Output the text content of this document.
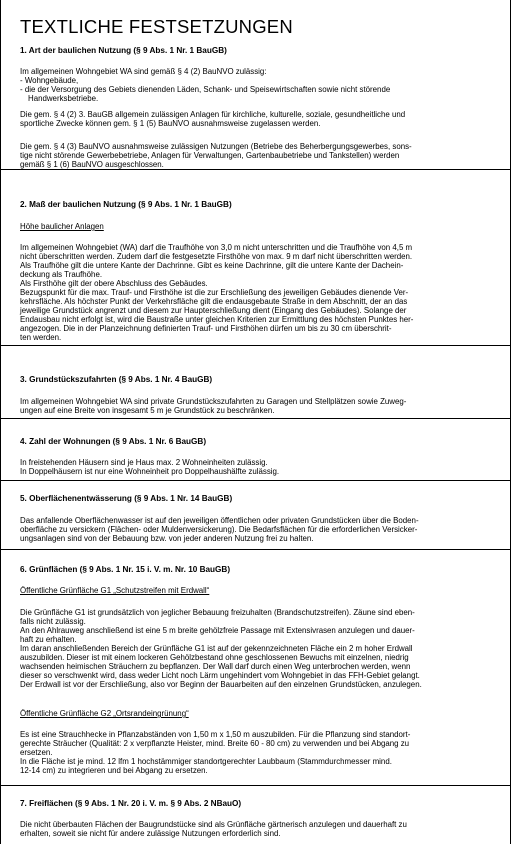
TEXTLICHE FESTSETZUNGEN
1. Art der baulichen Nutzung (§ 9 Abs. 1 Nr. 1 BauGB)
Im allgemeinen Wohngebiet WA sind gemäß § 4 (2) BauNVO zulässig:
- Wohngebäude,
- die der Versorgung des Gebiets dienenden Läden, Schank- und Speisewirtschaften sowie nicht störende
Handwerksbetriebe.
Die gem. § 4 (2) 3. BauGB allgemein zulässigen Anlagen für kirchliche, kulturelle, soziale, gesundheitliche und
sportliche Zwecke können gem. § 1 (5) BauNVO ausnahmsweise zugelassen werden.
Die gem. § 4 (3) BauNVO ausnahmsweise zulässigen Nutzungen (Betriebe des Beherbergungsgewerbes, sons-
tige nicht störende Gewerbebetriebe, Anlagen für Verwaltungen, Gartenbaubetriebe und Tankstellen) werden
gemäß § 1 (6) BauNVO ausgeschlossen.
2. Maß der baulichen Nutzung (§ 9 Abs. 1 Nr. 1 BauGB)
Höhe baulicher Anlagen
Im allgemeinen Wohngebiet (WA) darf die Traufhöhe von 3,0 m nicht unterschritten und die Traufhöhe von 4,5 m
nicht überschritten werden. Zudem darf die festgesetzte Firsthöhe von max. 9 m darf nicht überschritten werden.
Als Traufhöhe gilt die untere Kante der Dachrinne. Gibt es keine Dachrinne, gilt die untere Kante der Dachein-
deckung als Traufhöhe.
Als Firsthöhe gilt der obere Abschluss des Gebäudes.
Bezugspunkt für die max. Trauf- und Firsthöhe ist die zur Erschließung des jeweiligen Gebäudes dienende Ver-
kehrsfläche. Als höchster Punkt der Verkehrsfläche gilt die endausgebaute Straße in dem Abschnitt, der an das
jeweilige Grundstück angrenzt und diesem zur Haupterschließung dient (Eingang des Gebäudes). Solange der
Endausbau nicht erfolgt ist, wird die Baustraße unter gleichen Kriterien zur Ermittlung des höchsten Punktes her-
angezogen. Die in der Planzeichnung definierten Trauf- und Firsthöhen dürfen um bis zu 30 cm überschrit-
ten werden.
3. Grundstückszufahrten (§ 9 Abs. 1 Nr. 4 BauGB)
Im allgemeinen Wohngebiet WA sind private Grundstückszufahrten zu Garagen und Stellplätzen sowie Zuweg-
ungen auf eine Breite von insgesamt 5 m je Grundstück zu beschränken.
4. Zahl der Wohnungen (§ 9 Abs. 1 Nr. 6 BauGB)
In freistehenden Häusern sind je Haus max. 2 Wohneinheiten zulässig.
In Doppelhäusern ist nur eine Wohneinheit pro Doppelhaushälfte zulässig.
5. Oberflächenentwässerung (§ 9 Abs. 1 Nr. 14 BauGB)
Das anfallende Oberflächenwasser ist auf den jeweiligen öffentlichen oder privaten Grundstücken über die Boden-
oberfläche zu versickern (Flächen- oder Muldenversickerung). Die Bedarfsflächen für die erforderlichen Versicker-
ungsanlagen sind von der Bebauung bzw. von jeder anderen Nutzung frei zu halten.
6. Grünflächen (§ 9 Abs. 1 Nr. 15 i. V. m. Nr. 10 BauGB)
Öffentliche Grünfläche G1 „Schutzstreifen mit Erdwall“
Die Grünfläche G1 ist grundsätzlich von jeglicher Bebauung freizuhalten (Brandschutzstreifen). Zäune sind eben-
falls nicht zulässig.
An den Ahlrauweg anschließend ist eine 5 m breite gehölzfreie Passage mit Extensivrasen anzulegen und dauer-
haft zu erhalten.
Im daran anschließenden Bereich der Grünfläche G1 ist auf der gekennzeichneten Fläche ein 2 m hoher Erdwall
auszubilden. Dieser ist mit einem lockeren Gehölzbestand ohne geschlossenen Bewuchs mit einzelnen, niedrig
wachsenden heimischen Sträuchern zu bepflanzen. Der Wall darf durch einen Weg unterbrochen werden, wenn
dieser so verschwenkt wird, dass weder Licht noch Lärm ungehindert vom Wohngebiet in das FFH-Gebiet gelangt.
Der Erdwall ist vor der Erschließung, also vor Beginn der Bauarbeiten auf den einzelnen Grundstücken, anzulegen.
Öffentliche Grünfläche G2 „Ortsrandeingrünung“
Es ist eine Strauchhecke in Pflanzabständen von 1,50 m x 1,50 m auszubilden. Für die Pflanzung sind standort-
gerechte Sträucher (Qualität: 2 x verpflanzte Heister, mind. Breite 60 - 80 cm) zu verwenden und bei Abgang zu
ersetzen.
In die Fläche ist je mind. 12 lfm 1 hochstämmiger standortgerechter Laubbaum (Stammdurchmesser mind.
12-14 cm) zu integrieren und bei Abgang zu ersetzen.
7. Freiflächen (§ 9 Abs. 1 Nr. 20 i. V. m. § 9 Abs. 2 NBauO)
Die nicht überbauten Flächen der Baugrundstücke sind als Grünfläche gärtnerisch anzulegen und dauerhaft zu
erhalten, soweit sie nicht für andere zulässige Nutzungen erforderlich sind.
